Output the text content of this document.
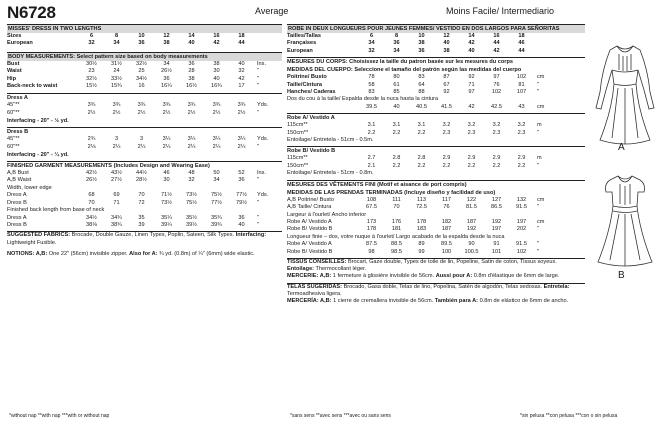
N6728	Average	Moins Facile/ Intermediario
MISSES' DRESS IN TWO LENGTHS
Sizes	6	8	10	12	14	16	18
European	32	34	36	38	40	42	44
BODY MEASUREMENTS: Select pattern size based on body measurements
Bust	30½	31½	32½	34	36	38	40	Ins.
Waist	23	24	25	26½	28	30	32	"
Hip	32½	33½	34½	36	38	40	42	"
Back-neck to waist	15½	15¾	16	16¼	16½	16¾	17	"
Dress A
45"**	3¾	3¾	3¾	3¾	3¾	3¾	3¾	Yds.
60"**	2½	2½	2½	2½	2½	2½	2½	"
Interfacing - 20" - ½ yd.
Dress B
45"**	2¾	3	3	3¼	3¼	3¼	3¼	Yds.
60"**	2⅛	2¼	2¼	2¼	2¼	2¼	2¼	"
Interfacing - 20" - ¼ yd.
FINISHED GARMENT MEASUREMENTS (Includes Design and Wearing Ease)
A,B Bust	42½	43½	44½	46	48	50	52	Ins.
A,B Waist	26½	27½	28½	30	32	34	36	"
Width, lower edge
Dress A	68	69	70	71½	73½	75½	77½	Yds.
Dress B	70	71	72	73½	75½	77½	79½	"
Finished back length from base of neck
Dress A	34½	34¾	35	35¼	35½	35¾	36	"
Dress B	38⅛	38¾	39	39¼	39½	39¾	40	"
SUGGESTED FABRICS: Brocade, Double Gauze, Linen Types, Poplin, Sateen, Silk Types. Interfacing: Lightweight Fusible.
NOTIONS: A,B: One 22" (56cm) invisible zipper. Also for A: ¾ yd. (0.8m) of ¼" (6mm) wide elastic.
*without nap **with nap ***with or without nap
ROBE IN DEUX LONGUEURS POUR JEUNES FEMMES/ VESTIDO EN DOS LARGOS PARA SEÑORITAS
Tailles/Tallas	6	8	10	12	14	16	18
Françaises	34	36	38	40	42	44	46
European	32	34	36	38	40	42	44
MESURES DU CORPS: Choisissez la taille du patron basée sur les mesures du corps
MEDIDAS DEL CUERPO: Seleccione el tamaño del patrón según las medidas del cuerpo
Poitrine/ Busto	78	80	83	87	92	97	102	cm
Taille/Cintura	58	61	64	67	71	76	81	"
Hanches/ Caderas	83	85	88	92	97	102	107	"
Dos du cou à la taille/ Espalda desde la nuca hasta la cintura
39.5	40	40.5	41.5	42	42.5	43	cm
Robe A/ Vestido A
115cm**	3.1	3.1	3.1	3.2	3.2	3.2	3.2	m
150cm**	2.2	2.2	2.2	2.3	2.3	2.3	2.3	"
Entoilage/ Entretela - 51cm - 0.5m.
Robe B/ Vestido B
115cm**	2.7	2.8	2.8	2.9	2.9	2.9	2.9	m
150cm**	2.1	2.2	2.2	2.2	2.2	2.2	2.2	"
Entoilage/ Entretela - 51cm - 0.8m.
MESURES DES VÊTEMENTS FINI (Motif et aisance de port compris)
MEDIDAS DE LAS PRENDAS TERMINADAS (Incluye diseño y facilidad de uso)
A,B Poitrine/ Busto	108	111	113	117	122	127	132	cm
A,B Taille/ Cintura	67.5	70	72.5	76	81.5	86.5	91.5	"
Largeur à l'ourlet/ Ancho inferior
Robe A/ Vestido A	173	176	178	182	187	192	197	cm
Robe B/ Vestido B	178	181	183	187	192	197	202	"
Longueur finie – dos, votre nuque à l'ourlet/ Largo acabado de la espalda desde la nuca
Robe A/ Vestido A	87.5	88.5	89	89.5	90	91	91.5	"
Robe B/ Vestido B	98	98.5	99	100	100.5	101	102	"
TISSUS CONSEILLÉS: Brocart, Gaze double, Types de toile de lin, Popeline, Satin de coton, Tissus soyeux. Entoilage: Thermocollant léger.
MERCERIE: A,B: 1 fermeture à glissière invisible de 56cm. Aussi pour A: 0.8m d'élastique de 6mm de large.
TELAS SUGERIDAS: Brocado, Gasa doble, Telas de lino, Popelina, Satén de algodón, Telas sedosas. Entretela: Termoadhesiva ligera.
MERCERÍA: A,B: 1 cierre de cremallera invisible de 56cm. También para A: 0.8m de elástico de 6mm de ancho.
*sans sens **avec sens ***avec ou sans sens	*sin pelusa **con pelusa ***con o sin pelusa
A
B
